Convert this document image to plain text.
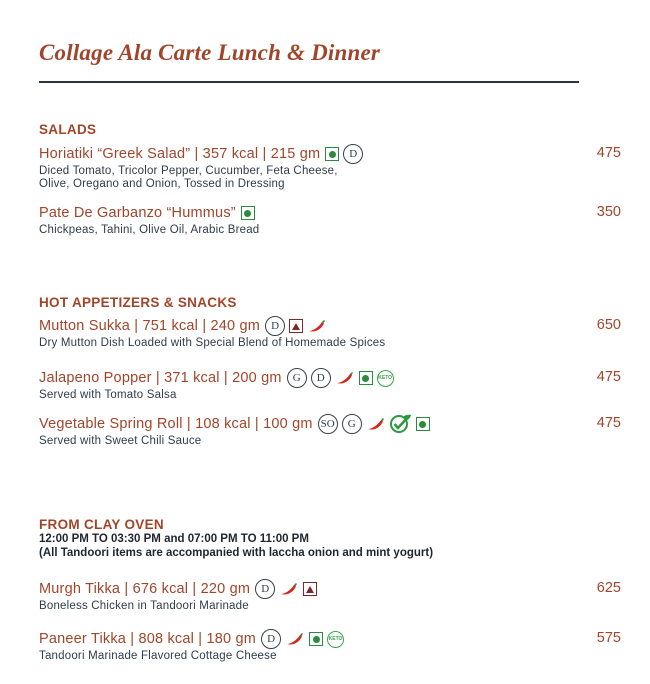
Collage Ala Carte Lunch & Dinner
SALADS
Horiatiki “Greek Salad” | 357 kcal | 215 gm	D	475
Diced Tomato, Tricolor Pepper, Cucumber, Feta Cheese,
Olive, Oregano and Onion, Tossed in Dressing
Pate De Garbanzo “Hummus”	350
Chickpeas, Tahini, Olive Oil, Arabic Bread
HOT APPETIZERS & SNACKS
Mutton Sukka | 751 kcal | 240 gm	D	650
Dry Mutton Dish Loaded with Special Blend of Homemade Spices
Jalapeno Popper | 371 kcal | 200 gm	G	D	KETO	475
Served with Tomato Salsa
Vegetable Spring Roll | 108 kcal | 100 gm SO	G	475
Served with Sweet Chili Sauce
FROM CLAY OVEN
12:00 PM TO 03:30 PM and 07:00 PM TO 11:00 PM
(All Tandoori items are accompanied with laccha onion and mint yogurt)
Murgh Tikka | 676 kcal | 220 gm	D	625
Boneless Chicken in Tandoori Marinade
Paneer Tikka | 808 kcal | 180 gm	D	KETO	575
Tandoori Marinade Flavored Cottage Cheese
